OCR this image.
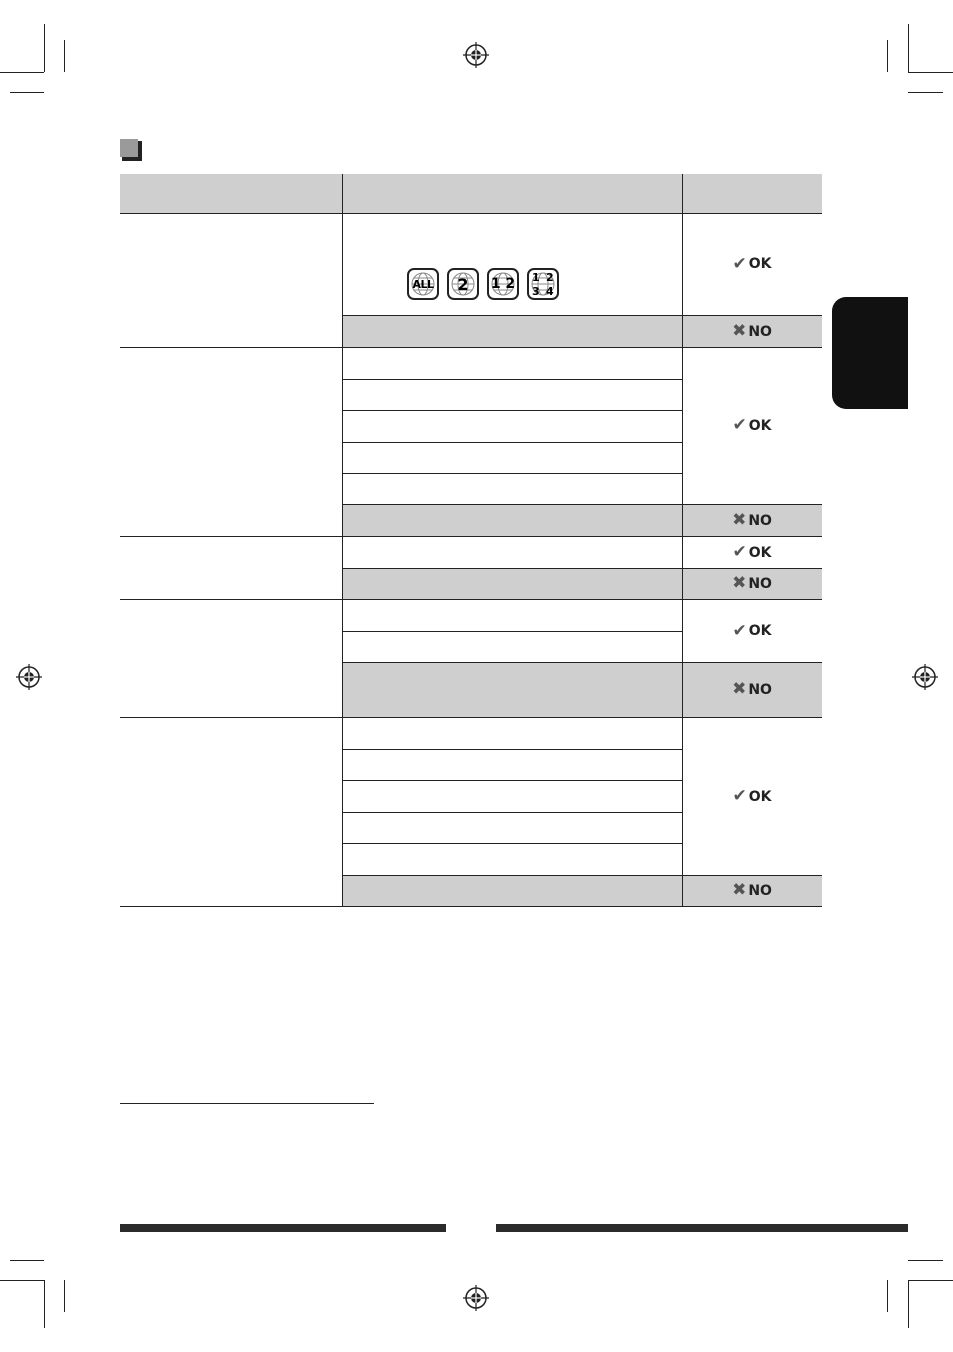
ALL	2	1 2 1 2
3 4
✔ OK
✖ NO
✔ OK
✖ NO
✔ OK
✖ NO
✔ OK
✖ NO
✔ OK
✖ NO
